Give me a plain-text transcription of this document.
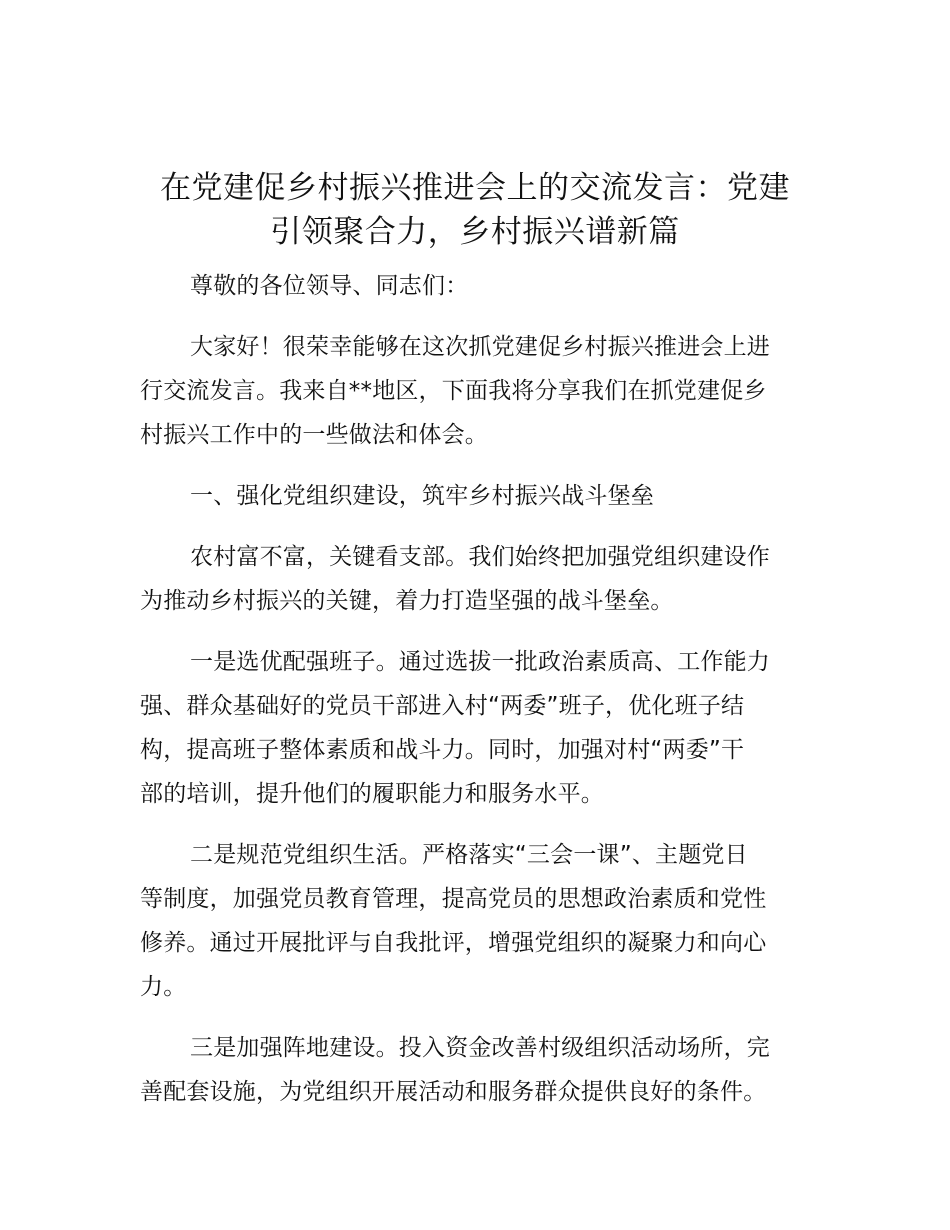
在党建促乡村振兴推进会上的交流发言：党建
引领聚合力，乡村振兴谱新篇

尊敬的各位领导、同志们：

大家好！很荣幸能够在这次抓党建促乡村振兴推进会上进
行交流发言。我来自**地区，下面我将分享我们在抓党建促乡
村振兴工作中的一些做法和体会。

一、强化党组织建设，筑牢乡村振兴战斗堡垒

农村富不富，关键看支部。我们始终把加强党组织建设作
为推动乡村振兴的关键，着力打造坚强的战斗堡垒。

一是选优配强班子。通过选拔一批政治素质高、工作能力
强、群众基础好的党员干部进入村“两委”班子，优化班子结
构，提高班子整体素质和战斗力。同时，加强对村“两委”干
部的培训，提升他们的履职能力和服务水平。

二是规范党组织生活。严格落实“三会一课”、主题党日
等制度，加强党员教育管理，提高党员的思想政治素质和党性
修养。通过开展批评与自我批评，增强党组织的凝聚力和向心
力。

三是加强阵地建设。投入资金改善村级组织活动场所，完
善配套设施，为党组织开展活动和服务群众提供良好的条件。
